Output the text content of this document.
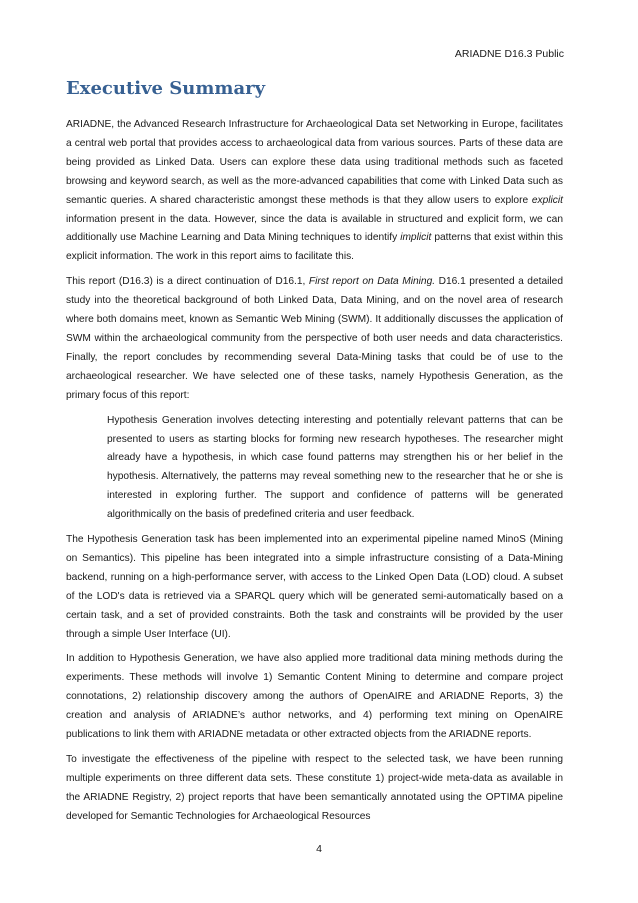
ARIADNE D16.3 Public
Executive Summary

ARIADNE, the Advanced Research Infrastructure for Archaeological Data set Networking in Europe, facilitates a central web portal that provides access to archaeological data from various sources. Parts of these data are being provided as Linked Data. Users can explore these data using traditional methods such as faceted browsing and keyword search, as well as the more-advanced capabilities that come with Linked Data such as semantic queries. A shared characteristic amongst these methods is that they allow users to explore explicit information present in the data. However, since the data is available in structured and explicit form, we can additionally use Machine Learning and Data Mining techniques to identify implicit patterns that exist within this explicit information. The work in this report aims to facilitate this.

This report (D16.3) is a direct continuation of D16.1, First report on Data Mining. D16.1 presented a detailed study into the theoretical background of both Linked Data, Data Mining, and on the novel area of research where both domains meet, known as Semantic Web Mining (SWM). It additionally discusses the application of SWM within the archaeological community from the perspective of both user needs and data characteristics. Finally, the report concludes by recommending several Data-Mining tasks that could be of use to the archaeological researcher. We have selected one of these tasks, namely Hypothesis Generation, as the primary focus of this report:

Hypothesis Generation involves detecting interesting and potentially relevant patterns that can be presented to users as starting blocks for forming new research hypotheses. The researcher might already have a hypothesis, in which case found patterns may strengthen his or her belief in the hypothesis. Alternatively, the patterns may reveal something new to the researcher that he or she is interested in exploring further. The support and confidence of patterns will be generated algorithmically on the basis of predefined criteria and user feedback.

The Hypothesis Generation task has been implemented into an experimental pipeline named MinoS (Mining on Semantics). This pipeline has been integrated into a simple infrastructure consisting of a Data-Mining backend, running on a high-performance server, with access to the Linked Open Data (LOD) cloud. A subset of the LOD's data is retrieved via a SPARQL query which will be generated semi-automatically based on a certain task, and a set of provided constraints. Both the task and constraints will be provided by the user through a simple User Interface (UI).

In addition to Hypothesis Generation, we have also applied more traditional data mining methods during the experiments. These methods will involve 1) Semantic Content Mining to determine and compare project connotations, 2) relationship discovery among the authors of OpenAIRE and ARIADNE Reports, 3) the creation and analysis of ARIADNE’s author networks, and 4) performing text mining on OpenAIRE publications to link them with ARIADNE metadata or other extracted objects from the ARIADNE reports.

To investigate the effectiveness of the pipeline with respect to the selected task, we have been running multiple experiments on three different data sets. These constitute 1) project-wide meta-data as available in the ARIADNE Registry, 2) project reports that have been semantically annotated using the OPTIMA pipeline developed for Semantic Technologies for Archaeological Resources

4
